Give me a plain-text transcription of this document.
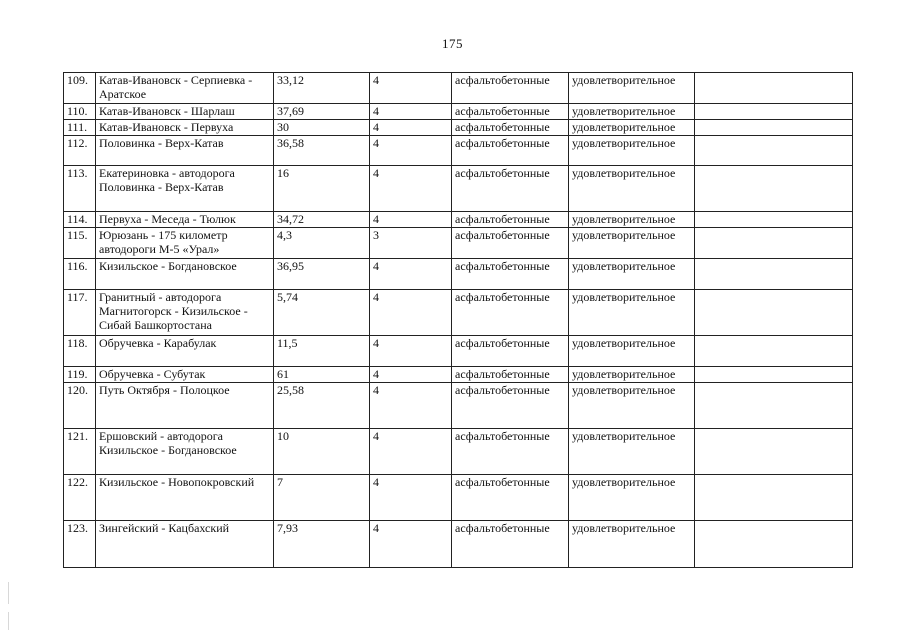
175
109.	Катав-Ивановск - Серпиевка - Аратское	33,12	4	асфальтобетонные	удовлетворительное	
110.	Катав-Ивановск - Шарлаш	37,69	4	асфальтобетонные	удовлетворительное	
111.	Катав-Ивановск - Первуха	30	4	асфальтобетонные	удовлетворительное	
112.	Половинка - Верх-Катав	36,58	4	асфальтобетонные	удовлетворительное	
113.	Екатериновка - автодорога Половинка - Верх-Катав	16	4	асфальтобетонные	удовлетворительное	
114.	Первуха - Меседа - Тюлюк	34,72	4	асфальтобетонные	удовлетворительное	
115.	Юрюзань - 175 километр автодороги М-5 «Урал»	4,3	3	асфальтобетонные	удовлетворительное	
116.	Кизильское - Богдановское	36,95	4	асфальтобетонные	удовлетворительное	
117.	Гранитный - автодорога Магнитогорск - Кизильское - Сибай Башкортостана	5,74	4	асфальтобетонные	удовлетворительное	
118.	Обручевка - Карабулак	11,5	4	асфальтобетонные	удовлетворительное	
119.	Обручевка - Субутак	61	4	асфальтобетонные	удовлетворительное	
120.	Путь Октября - Полоцкое	25,58	4	асфальтобетонные	удовлетворительное	
121.	Ершовский - автодорога Кизильское - Богдановское	10	4	асфальтобетонные	удовлетворительное	
122.	Кизильское - Новопокровский	7	4	асфальтобетонные	удовлетворительное	
123.	Зингейский - Кацбахский	7,93	4	асфальтобетонные	удовлетворительное	
